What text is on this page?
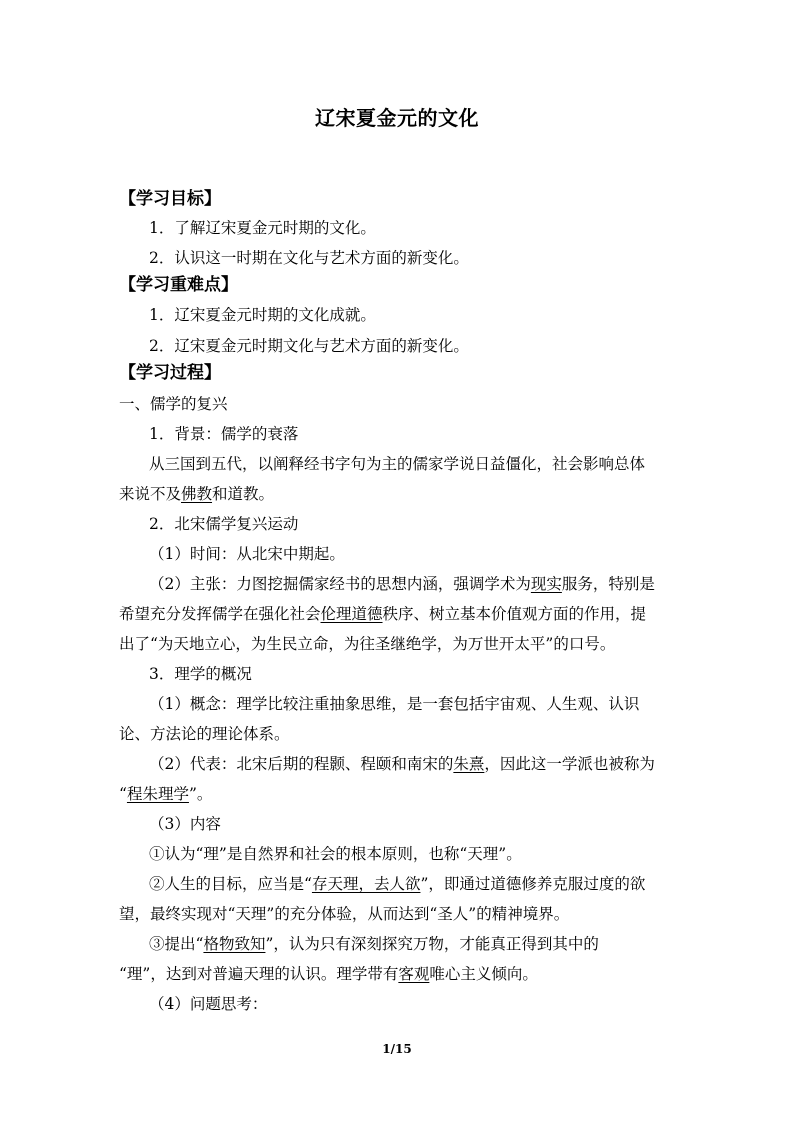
辽宋夏金元的文化
【学习目标】
1．了解辽宋夏金元时期的文化。
2．认识这一时期在文化与艺术方面的新变化。
【学习重难点】
1．辽宋夏金元时期的文化成就。
2．辽宋夏金元时期文化与艺术方面的新变化。
【学习过程】
一、儒学的复兴
1．背景：儒学的衰落
从三国到五代，以阐释经书字句为主的儒家学说日益僵化，社会影响总体
来说不及佛教和道教。
2．北宋儒学复兴运动
（1）时间：从北宋中期起。
（2）主张：力图挖掘儒家经书的思想内涵，强调学术为现实服务，特别是
希望充分发挥儒学在强化社会伦理道德秩序、树立基本价值观方面的作用，提
出了“为天地立心，为生民立命，为往圣继绝学，为万世开太平”的口号。
3．理学的概况
（1）概念：理学比较注重抽象思维，是一套包括宇宙观、人生观、认识
论、方法论的理论体系。
（2）代表：北宋后期的程颢、程颐和南宋的朱熹，因此这一学派也被称为
“程朱理学”。
（3）内容
①认为“理”是自然界和社会的根本原则，也称“天理”。
②人生的目标，应当是“存天理，去人欲”，即通过道德修养克服过度的欲
望，最终实现对“天理”的充分体验，从而达到“圣人”的精神境界。
③提出“格物致知”，认为只有深刻探究万物，才能真正得到其中的
“理”，达到对普遍天理的认识。理学带有客观唯心主义倾向。
（4）问题思考：
1/15
